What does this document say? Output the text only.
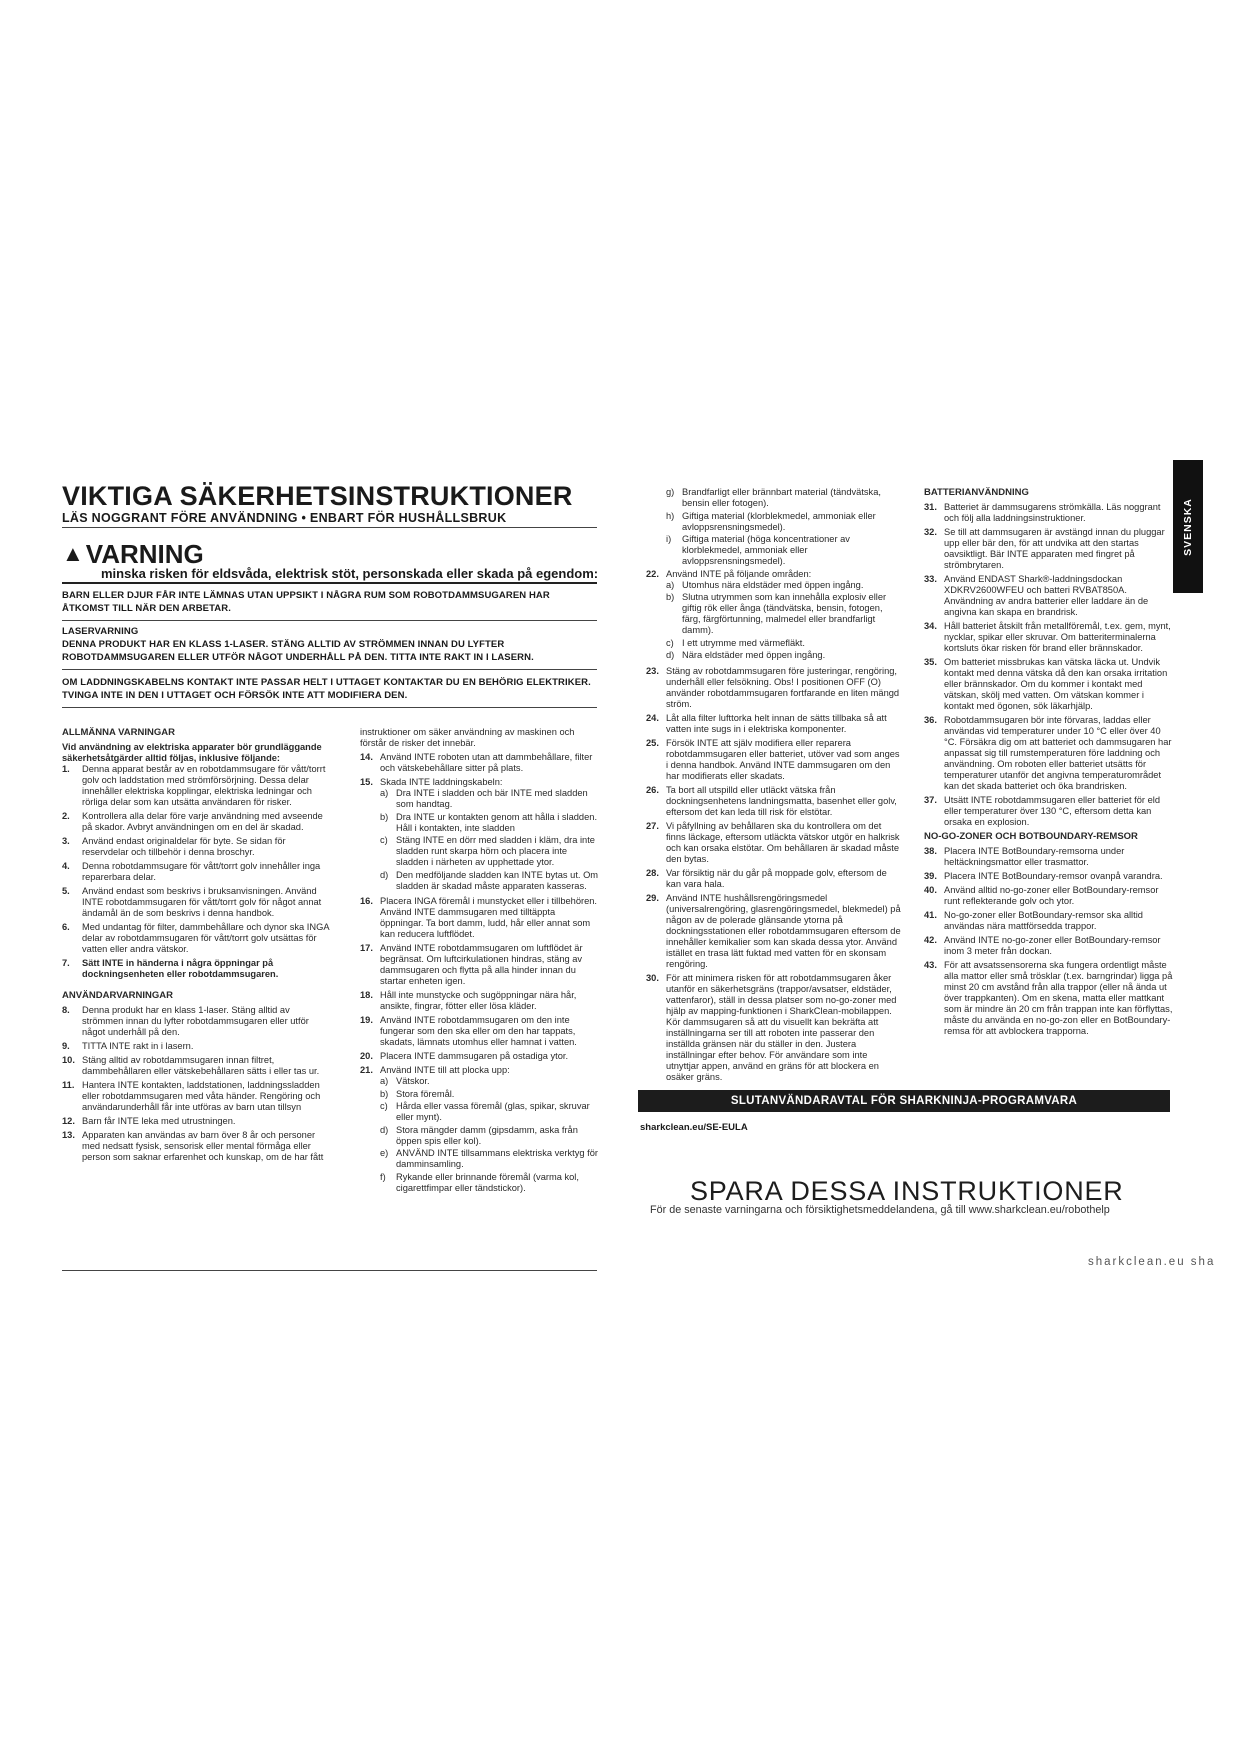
VIKTIGA SÄKERHETSINSTRUKTIONER
LÄS NOGGRANT FÖRE ANVÄNDNING • ENBART FÖR HUSHÅLLSBRUK
▲VARNING
minska risken för eldsvåda, elektrisk stöt, personskada eller skada på egendom:
BARN ELLER DJUR FÅR INTE LÄMNAS UTAN UPPSIKT I NÅGRA RUM SOM ROBOTDAMMSUGAREN HAR ÅTKOMST TILL NÄR DEN ARBETAR.
LASERVARNING
DENNA PRODUKT HAR EN KLASS 1-LASER. STÄNG ALLTID AV STRÖMMEN INNAN DU LYFTER ROBOTDAMMSUGAREN ELLER UTFÖR NÅGOT UNDERHÅLL PÅ DEN. TITTA INTE RAKT IN I LASERN.
OM LADDNINGSKABELNS KONTAKT INTE PASSAR HELT I UTTAGET KONTAKTAR DU EN BEHÖRIG ELEKTRIKER. TVINGA INTE IN DEN I UTTAGET OCH FÖRSÖK INTE ATT MODIFIERA DEN.

ALLMÄNNA VARNINGAR

Vid användning av elektriska apparater bör grundläggande säkerhetsåtgärder alltid följas, inklusive följande:

1.	Denna apparat består av en robotdammsugare för vått/torrt golv och laddstation med strömförsörjning. Dessa delar innehåller elektriska kopplingar, elektriska ledningar och rörliga delar som kan utsätta användaren för risker.
2.	Kontrollera alla delar före varje användning med avseende på skador. Avbryt användningen om en del är skadad.
3.	Använd endast originaldelar för byte. Se sidan för reservdelar och tillbehör i denna broschyr.
4.	Denna robotdammsugare för vått/torrt golv innehåller inga reparerbara delar.
5.	Använd endast som beskrivs i bruksanvisningen. Använd INTE robotdammsugaren för vått/torrt golv för något annat ändamål än de som beskrivs i denna handbok.
6.	Med undantag för filter, dammbehållare och dynor ska INGA delar av robotdammsugaren för vått/torrt golv utsättas för vatten eller andra vätskor.
7.	Sätt INTE in händerna i några öppningar på dockningsenheten eller robotdammsugaren.

ANVÄNDARVARNINGAR

8.	Denna produkt har en klass 1-laser. Stäng alltid av strömmen innan du lyfter robotdammsugaren eller utför något underhåll på den.
9.	TITTA INTE rakt in i lasern.
10. Stäng alltid av robotdammsugaren innan filtret, dammbehållaren eller vätskebehållaren sätts i eller tas ur.
11. Hantera INTE kontakten, laddstationen, laddningssladden eller robotdammsugaren med våta händer. Rengöring och användarunderhåll får inte utföras av barn utan tillsyn
12. Barn får INTE leka med utrustningen.
13. Apparaten kan användas av barn över 8 år och personer med nedsatt fysisk, sensorisk eller mental förmåga eller person som saknar erfarenhet och kunskap, om de har fått

instruktioner om säker användning av maskinen och förstår de risker det innebär.

14. Använd INTE roboten utan att dammbehållare, filter och vätskebehållare sitter på plats.
15. Skada INTE laddningskabeln:

a) Dra INTE i sladden och bär INTE med sladden som handtag.
b) Dra INTE ur kontakten genom att hålla i sladden. Håll i kontakten, inte sladden
c) Stäng INTE en dörr med sladden i kläm, dra inte sladden runt skarpa hörn och placera inte sladden i närheten av upphettade ytor.
d) Den medföljande sladden kan INTE bytas ut. Om sladden är skadad måste apparaten kasseras.
16. Placera INGA föremål i munstycket eller i tillbehören. Använd INTE dammsugaren med tilltäppta öppningar. Ta bort damm, ludd, hår eller annat som kan reducera luftflödet.
17. Använd INTE robotdammsugaren om luftflödet är begränsat. Om luftcirkulationen hindras, stäng av dammsugaren och flytta på alla hinder innan du startar enheten igen.
18. Håll inte munstycke och sugöppningar nära hår, ansikte, fingrar, fötter eller lösa kläder.
19. Använd INTE robotdammsugaren om den inte fungerar som den ska eller om den har tappats, skadats, lämnats utomhus eller hamnat i vatten.
20. Placera INTE dammsugaren på ostadiga ytor.
21. Använd INTE till att plocka upp:

a) Vätskor.
b) Stora föremål.
c) Hårda eller vassa föremål (glas, spikar, skruvar eller mynt).
d) Stora mängder damm (gipsdamm, aska från öppen spis eller kol).
e) ANVÄND INTE tillsammans elektriska verktyg för damminsamling.
f)	Rykande eller brinnande föremål (varma kol, cigarettfimpar eller tändstickor).
g) Brandfarligt eller brännbart material (tändvätska, bensin eller fotogen).
h) Giftiga material (klorblekmedel, ammoniak eller avloppsrensningsmedel).
i)	Giftiga material (höga koncentrationer av klorblekmedel, ammoniak eller avloppsrensningsmedel).
22. Använd INTE på följande områden:

a) Utomhus nära eldstäder med öppen ingång.
b) Slutna utrymmen som kan innehålla explosiv eller giftig rök eller ånga (tändvätska, bensin, fotogen, färg, färgförtunning, malmedel eller brandfarligt damm).
c) I ett utrymme med värmefläkt.
d) Nära eldstäder med öppen ingång.
23. Stäng av robotdammsugaren före justeringar, rengöring, underhåll eller felsökning. Obs! I positionen OFF (O) använder robotdammsugaren fortfarande en liten mängd ström.
24. Låt alla filter lufttorka helt innan de sätts tillbaka så att vatten inte sugs in i elektriska komponenter.
25. Försök INTE att själv modifiera eller reparera robotdammsugaren eller batteriet, utöver vad som anges i denna handbok. Använd INTE dammsugaren om den har modifierats eller skadats.
26. Ta bort all utspilld eller utläckt vätska från dockningsenhetens landningsmatta, basenhet eller golv, eftersom det kan leda till risk för elstötar.
27. Vi påfyllning av behållaren ska du kontrollera om det finns läckage, eftersom utläckta vätskor utgör en halkrisk och kan orsaka elstötar. Om behållaren är skadad måste den bytas.
28. Var försiktig när du går på moppade golv, eftersom de kan vara hala.
29. Använd INTE hushållsrengöringsmedel (universalrengöring, glasrengöringsmedel, blekmedel) på någon av de polerade glänsande ytorna på dockningsstationen eller robotdammsugaren eftersom de innehåller kemikalier som kan skada dessa ytor. Använd istället en trasa lätt fuktad med vatten för en skonsam rengöring.
30. För att minimera risken för att robotdammsugaren åker utanför en säkerhetsgräns (trappor/avsatser, eldstäder, vattenfaror), ställ in dessa platser som no-go-zoner med hjälp av mapping-funktionen i SharkClean-mobilappen. Kör dammsugaren så att du visuellt kan bekräfta att inställningarna ser till att roboten inte passerar den inställda gränsen när du ställer in den. Justera inställningar efter behov. För användare som inte utnyttjar appen, använd en gräns för att blockera en osäker gräns.

BATTERIANVÄNDNING

31. Batteriet är dammsugarens strömkälla. Läs noggrant och följ alla laddningsinstruktioner.
32. Se till att dammsugaren är avstängd innan du pluggar upp eller bär den, för att undvika att den startas oavsiktligt. Bär INTE apparaten med fingret på strömbrytaren.
33. Använd ENDAST Shark®-laddningsdockan XDKRV2600WFEU och batteri RVBAT850A. Användning av andra batterier eller laddare än de angivna kan skapa en brandrisk.
34. Håll batteriet åtskilt från metallföremål, t.ex. gem, mynt, nycklar, spikar eller skruvar. Om batteriterminalerna kortsluts ökar risken för brand eller brännskador.
35. Om batteriet missbrukas kan vätska läcka ut. Undvik kontakt med denna vätska då den kan orsaka irritation eller brännskador. Om du kommer i kontakt med vätskan, skölj med vatten. Om vätskan kommer i kontakt med ögonen, sök läkarhjälp.
36. Robotdammsugaren bör inte förvaras, laddas eller användas vid temperaturer under 10 °C eller över 40 °C. Försäkra dig om att batteriet och dammsugaren har anpassat sig till rumstemperaturen före laddning och användning. Om roboten eller batteriet utsätts för temperaturer utanför det angivna temperaturområdet kan det skada batteriet och öka brandrisken.
37. Utsätt INTE robotdammsugaren eller batteriet för eld eller temperaturer över 130 °C, eftersom detta kan orsaka en explosion.

NO-GO-ZONER OCH BOTBOUNDARY-REMSOR

38. Placera INTE BotBoundary-remsorna under heltäckningsmattor eller trasmattor.
39. Placera INTE BotBoundary-remsor ovanpå varandra.
40. Använd alltid no-go-zoner eller BotBoundary-remsor runt reflekterande golv och ytor.
41. No-go-zoner eller BotBoundary-remsor ska alltid användas nära mattförsedda trappor.
42. Använd INTE no-go-zoner eller BotBoundary-remsor inom 3 meter från dockan.
43. För att avsatssensorerna ska fungera ordentligt måste alla mattor eller små trösklar (t.ex. barngrindar) ligga på minst 20 cm avstånd från alla trappor (eller nå ända ut över trappkanten). Om en skena, matta eller mattkant som är mindre än 20 cm från trappan inte kan förflyttas, måste du använda en no-go-zon eller en BotBoundary-remsa för att avblockera trapporna.
SVENSKA
SLUTANVÄNDARAVTAL FÖR SHARKNINJA-PROGRAMVARA
sharkclean.eu/SE-EULA
SPARA DESSA INSTRUKTIONER
För de senaste varningarna och försiktighetsmeddelandena, gå till www.sharkclean.eu/robothelp
sharkclean.eu sha
